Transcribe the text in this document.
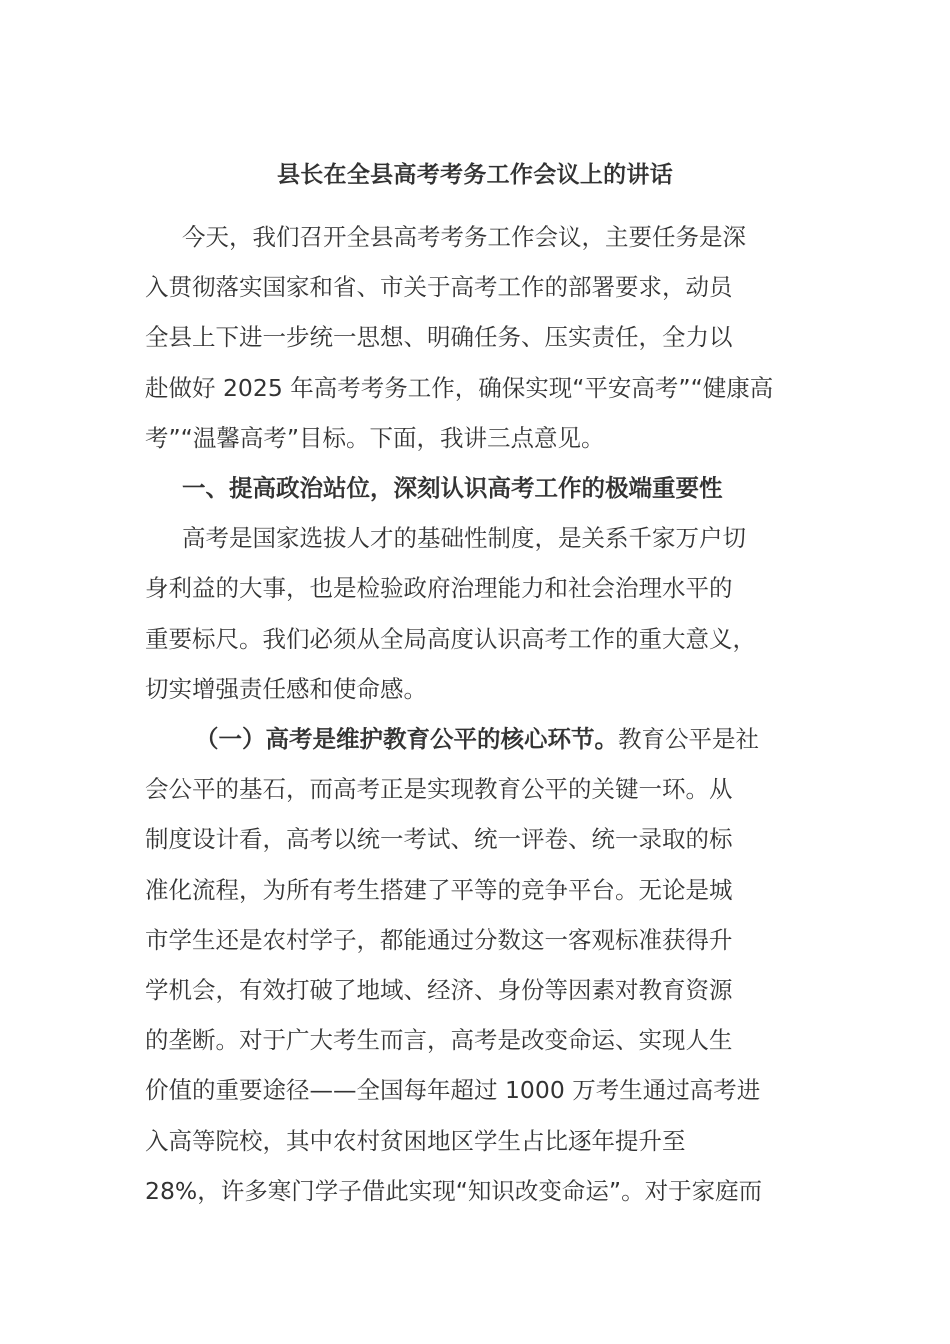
县长在全县高考考务工作会议上的讲话

今天，我们召开全县高考考务工作会议，主要任务是深

入贯彻落实国家和省、市关于高考工作的部署要求，动员

全县上下进一步统一思想、明确任务、压实责任，全力以

赴做好 2025 年高考考务工作，确保实现“平安高考”“健康高

考”“温馨高考”目标。下面，我讲三点意见。

一、提高政治站位，深刻认识高考工作的极端重要性

高考是国家选拔人才的基础性制度，是关系千家万户切

身利益的大事，也是检验政府治理能力和社会治理水平的

重要标尺。我们必须从全局高度认识高考工作的重大意义，

切实增强责任感和使命感。

（一）高考是维护教育公平的核心环节。教育公平是社

会公平的基石，而高考正是实现教育公平的关键一环。从

制度设计看，高考以统一考试、统一评卷、统一录取的标

准化流程，为所有考生搭建了平等的竞争平台。无论是城

市学生还是农村学子，都能通过分数这一客观标准获得升

学机会，有效打破了地域、经济、身份等因素对教育资源

的垄断。对于广大考生而言，高考是改变命运、实现人生

价值的重要途径——全国每年超过 1000 万考生通过高考进

入高等院校，其中农村贫困地区学生占比逐年提升至

28%，许多寒门学子借此实现“知识改变命运”。对于家庭而
